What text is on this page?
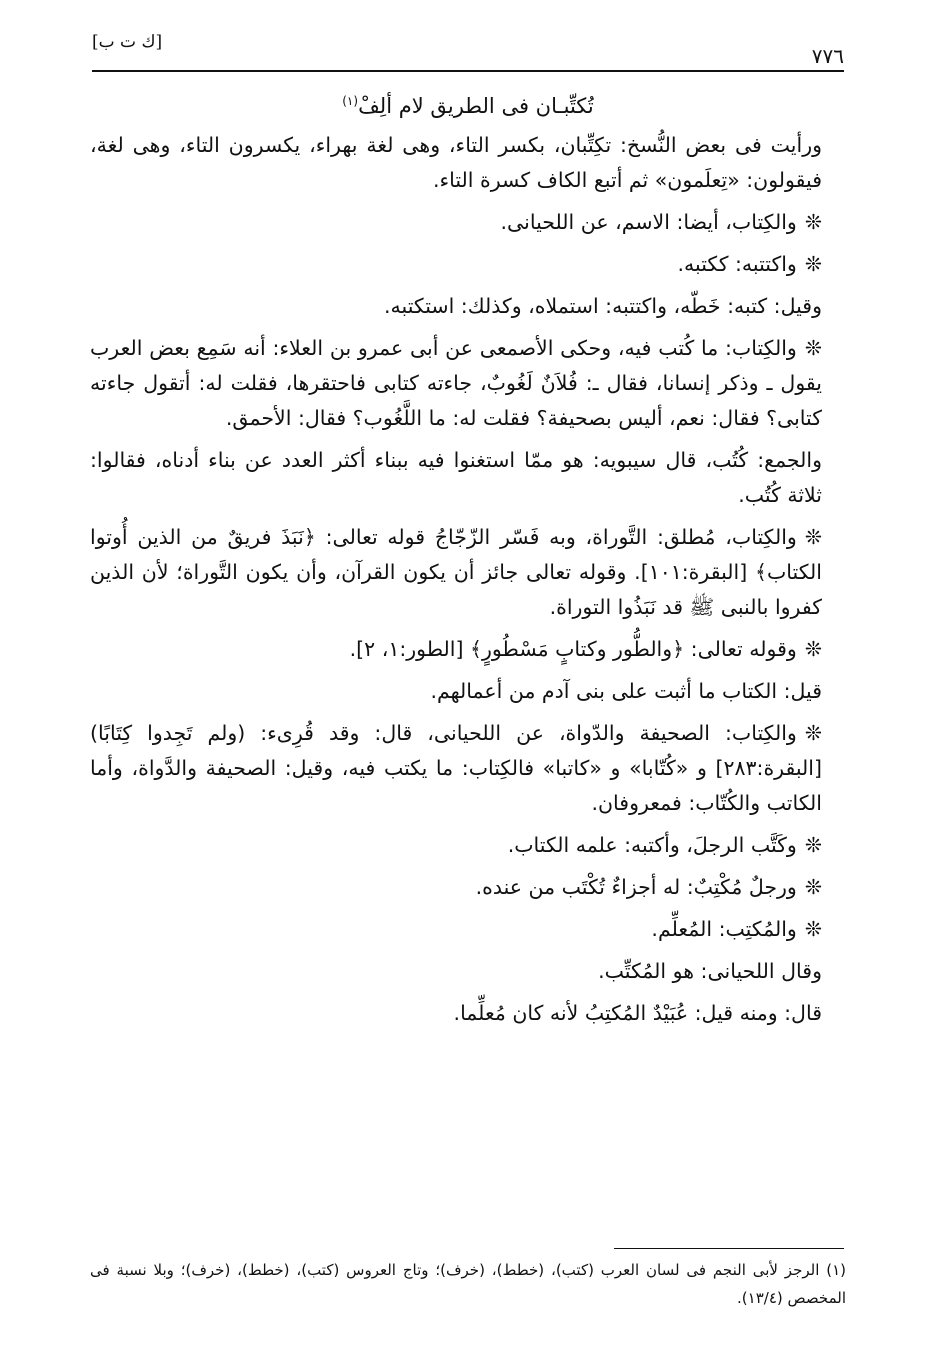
٧٧٦
[ك ت ب]
تُكتِّبـان فى الطريق لام ألِفْ$^{(١)}$
ورأيت فى بعض النُّسخ: تكِتِّبان، بكسر التاء، وهى لغة بهراء، يكسرون التاء، وهى لغة، فيقولون: «تِعلَمون» ثم أتبع الكاف كسرة التاء.
❊والكِتاب، أيضا: الاسم، عن اللحيانى.
❊واكتتبه: ككتبه.
وقيل: كتبه: خَطّه، واكتتبه: استملاه، وكذلك: استكتبه.
❊والكِتاب: ما كُتب فيه، وحكى الأصمعى عن أبى عمرو بن العلاء: أنه سَمِع بعض العرب يقول ـ وذكر إنسانا، فقال ـ: فُلاَنٌ لَغُوبٌ، جاءته كتابى فاحتقرها، فقلت له: أتقول جاءته كتابى؟ فقال: نعم، أليس بصحيفة؟ فقلت له: ما اللَّغُوب؟ فقال: الأحمق.
والجمع: كُتُب، قال سيبويه: هو ممّا استغنوا فيه ببناء أكثر العدد عن بناء أدناه، فقالوا: ثلاثة كُتُب.
❊والكِتاب، مُطلق: التَّوراة، وبه فَسّر الزّجّاجُ قوله تعالى: ﴿نَبَذَ فريقٌ من الذين أُوتوا الكتاب﴾ [البقرة:١٠١]. وقوله تعالى جائز أن يكون القرآن، وأن يكون التَّوراة؛ لأن الذين كفروا بالنبى ﷺ قد نَبَذُوا التوراة.
❊وقوله تعالى: ﴿والطُّور وكتابٍ مَسْطُورٍ﴾ [الطور:١، ٢].
قيل: الكتاب ما أثبت على بنى آدم من أعمالهم.
❊والكِتاب: الصحيفة والدّواة، عن اللحيانى، قال: وقد قُرِىء: (ولم تَجِدوا كِتَابًا) [البقرة:٢٨٣] و «كُتّابا» و «كاتبا» فالكِتاب: ما يكتب فيه، وقيل: الصحيفة والدَّواة، وأما الكاتب والكُتّاب: فمعروفان.
❊وكَتَّب الرجلَ، وأكتبه: علمه الكتاب.
❊ورجلٌ مُكْتِبٌ: له أجزاءٌ تُكْتَب من عنده.
❊والمُكتِب: المُعلِّم.
وقال اللحيانى: هو المُكتِّب.
قال: ومنه قيل: عُبَيْدٌ المُكتِبُ لأنه كان مُعلِّما.
(١) الرجز لأبى النجم فى لسان العرب (كتب)، (خطط)، (خرف)؛ وتاج العروس (كتب)، (خطط)، (خرف)؛ وبلا نسبة فى المخصص (١٣/٤).
